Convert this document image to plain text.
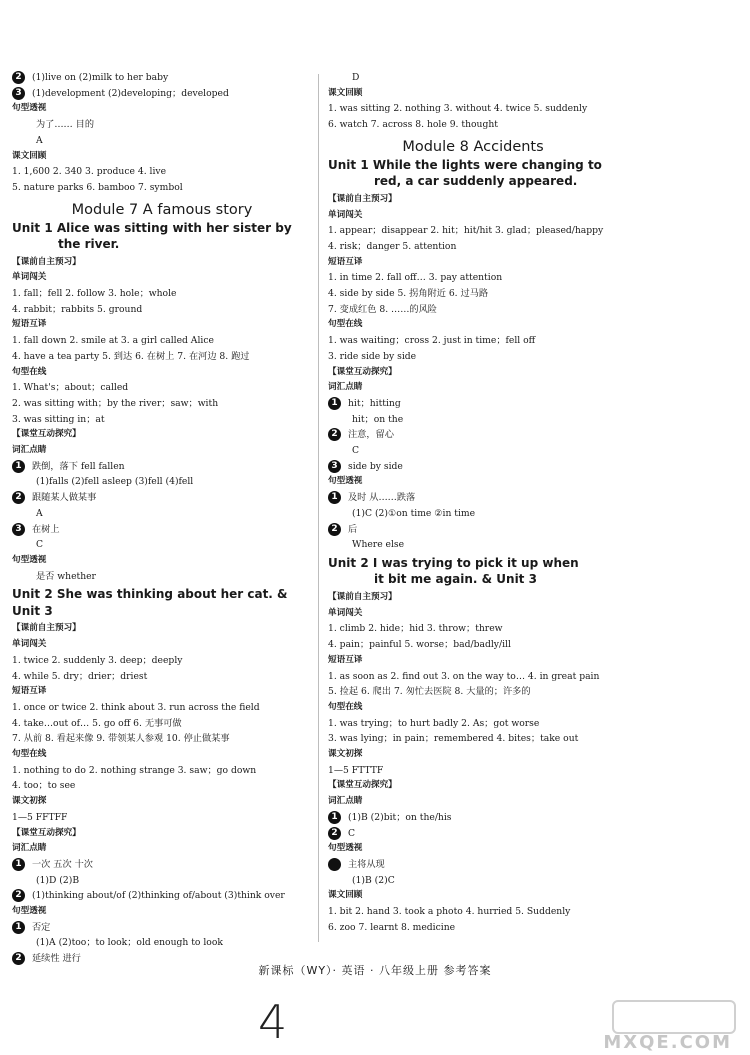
2 (1)live on (2)milk to her baby
3 (1)development (2)developing；developed
句型透视
为了…… 目的
A
课文回顾
1. 1,600 2. 340 3. produce 4. live
5. nature parks 6. bamboo 7. symbol
Module 7 A famous story
Unit 1 Alice was sitting with her sister by
the river.
【课前自主预习】
单词闯关
1. fall；fell 2. follow 3. hole；whole
4. rabbit；rabbits 5. ground
短语互译
1. fall down 2. smile at 3. a girl called Alice
4. have a tea party 5. 到达 6. 在树上 7. 在河边 8. 跑过
句型在线
1. What's；about；called
2. was sitting with；by the river；saw；with
3. was sitting in；at
【课堂互动探究】
词汇点睛
1 跌倒，落下 fell fallen
(1)falls (2)fell asleep (3)fell (4)fell
2 跟随某人做某事
A
3 在树上
C
句型透视
是否 whether
Unit 2 She was thinking about her cat. & Unit 3
【课前自主预习】
单词闯关
1. twice 2. suddenly 3. deep；deeply
4. while 5. dry；drier；driest
短语互译
1. once or twice 2. think about 3. run across the field
4. take…out of… 5. go off 6. 无事可做
7. 从前 8. 看起来像 9. 带领某人参观 10. 停止做某事
句型在线
1. nothing to do 2. nothing strange 3. saw；go down
4. too；to see
课文初探
1—5 FFTFF
【课堂互动探究】
词汇点睛
1 一次 五次 十次
(1)D (2)B
2 (1)thinking about/of (2)thinking of/about (3)think over
句型透视
1 否定
(1)A (2)too；to look；old enough to look
2 延续性 进行
D
课文回顾
1. was sitting 2. nothing 3. without 4. twice 5. suddenly
6. watch 7. across 8. hole 9. thought
Module 8 Accidents
Unit 1 While the lights were changing to
red, a car suddenly appeared.
【课前自主预习】
单词闯关
1. appear；disappear 2. hit；hit/hit 3. glad；pleased/happy
4. risk；danger 5. attention
短语互译
1. in time 2. fall off… 3. pay attention
4. side by side 5. 拐角附近 6. 过马路
7. 变成红色 8. ……的风险
句型在线
1. was waiting；cross 2. just in time；fell off
3. ride side by side
【课堂互动探究】
词汇点睛
1 hit；hitting
hit；on the
2 注意，留心
C
3 side by side
句型透视
1 及时 从……跌落
(1)C (2)①on time ②in time
2 后
Where else
Unit 2 I was trying to pick it up when
it bit me again. & Unit 3
【课前自主预习】
单词闯关
1. climb 2. hide；hid 3. throw；threw
4. pain；painful 5. worse；bad/badly/ill
短语互译
1. as soon as 2. find out 3. on the way to… 4. in great pain
5. 捡起 6. 爬出 7. 匆忙去医院 8. 大量的；许多的
句型在线
1. was trying；to hurt badly 2. As；got worse
3. was lying；in pain；remembered 4. bites；take out
课文初探
1—5 FTTTF
【课堂互动探究】
词汇点睛
1 (1)B (2)bit；on the/his
2 C
句型透视
主将从现
(1)B (2)C
课文回顾
1. bit 2. hand 3. took a photo 4. hurried 5. Suddenly
6. zoo 7. learnt 8. medicine
新课标（WY）· 英语 · 八年级上册 参考答案
4	MXQE.COM
